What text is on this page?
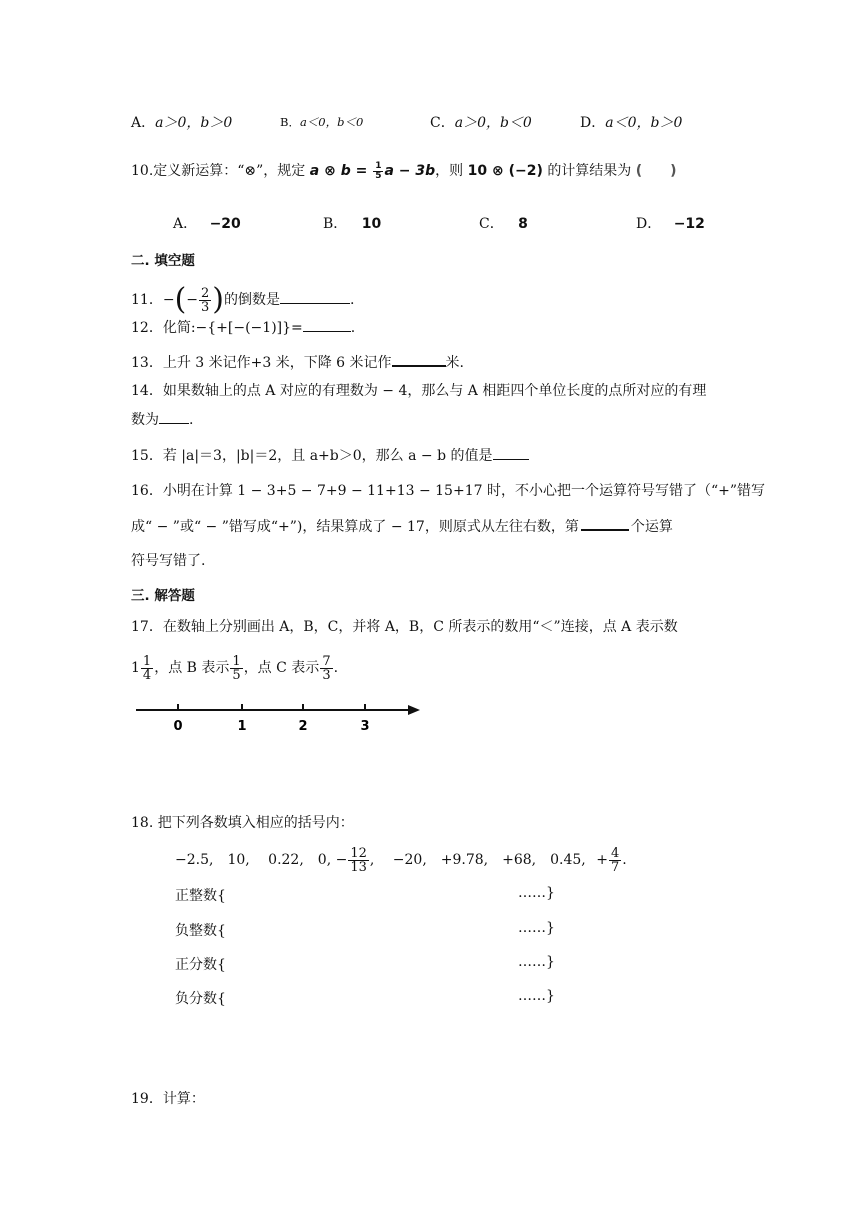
A．a＞0，b＞0	B．a＜0，b＜0	C．a＞0，b＜0	D．a＜0，b＞0
10.定义新运算：“⊗”，规定 a ⊗ $b = \frac{1}{5}$ a − 3b，则 10 ⊗ (−2) 的计算结果为 (　　)
A． −20	B． 10	C． 8	D． −12
二. 填空题
11．−(− $\frac{2}{3}$ )的倒数是	.
12．化简:−{+[−(−1)]}=	.
13．上升 3 米记作+3 米，下降 6 米记作	米.
14．如果数轴上的点 A 对应的有理数为 − 4，那么与 A 相距四个单位长度的点所对应的有理
数为 .
15．若 |a|＝3，|b|＝2，且 a+b＞0，那么 a − b 的值是
16．小明在计算 1 − 3+5 − 7+9 − 11+13 − 15+17 时，不小心把一个运算符号写错了（“+”错写
成“ − ”或“ − ”错写成“+”)，结果算成了 − 17，则原式从左往右数，第	个运算
符号写错了.
三. 解答题
17．在数轴上分别画出 A，B，C，并将 A，B，C 所表示的数用“＜”连接，点 A 表示数
$1 \frac{1}{4}$ ，点 B 表示 $\frac{1}{5}$ ，点 C 表示 $\frac{7}{3}$ .
0	1	2	3
18. 把下列各数填入相应的括号内：
−2.5,　10,　 0.22,　0, − $\frac{12}{13}$ ,　 −20,　+9.78,　+68,　0.45, + $\frac{4}{7}$ .
正整数{	……}
负整数{	……}
正分数{	……}
负分数{	……}
19．计算：
